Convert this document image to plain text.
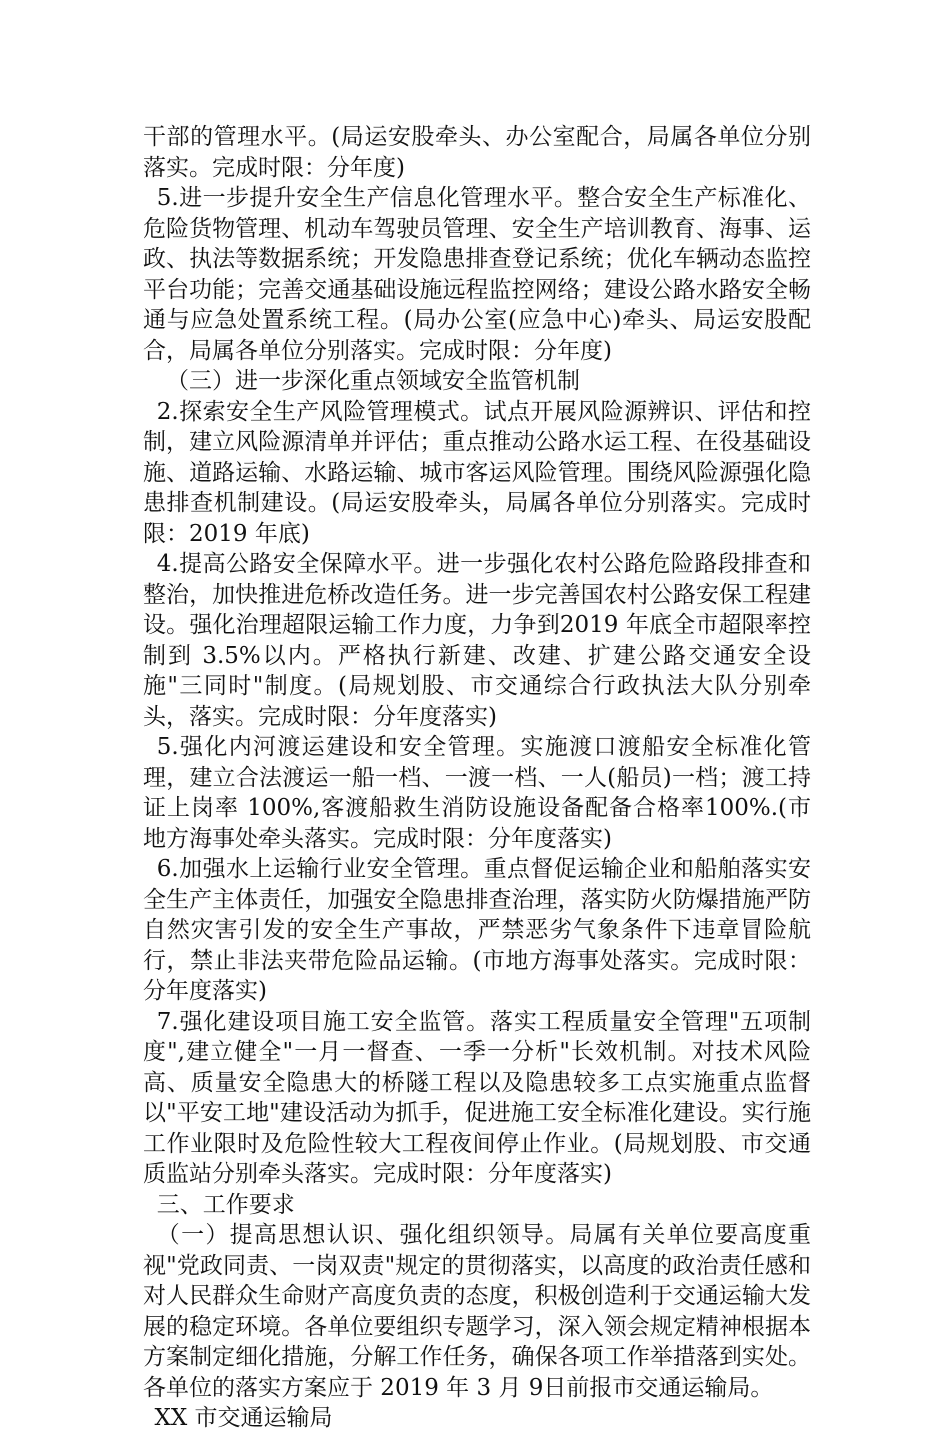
干部的管理水平。(局运安股牵头、办公室配合，局属各单位分别落实。完成时限：分年度)

5.进一步提升安全生产信息化管理水平。整合安全生产标准化、危险货物管理、机动车驾驶员管理、安全生产培训教育、海事、运政、执法等数据系统；开发隐患排查登记系统；优化车辆动态监控平台功能；完善交通基础设施远程监控网络；建设公路水路安全畅通与应急处置系统工程。(局办公室(应急中心)牵头、局运安股配合，局属各单位分别落实。完成时限：分年度)

（三）进一步深化重点领域安全监管机制

2.探索安全生产风险管理模式。试点开展风险源辨识、评估和控制，建立风险源清单并评估；重点推动公路水运工程、在役基础设施、道路运输、水路运输、城市客运风险管理。围绕风险源强化隐患排查机制建设。(局运安股牵头，局属各单位分别落实。完成时限：2019 年底)

4.提高公路安全保障水平。进一步强化农村公路危险路段排查和整治，加快推进危桥改造任务。进一步完善国农村公路安保工程建设。强化治理超限运输工作力度，力争到2019 年底全市超限率控制到 3.5%以内。严格执行新建、改建、扩建公路交通安全设施"三同时"制度。(局规划股、市交通综合行政执法大队分别牵头，落实。完成时限：分年度落实)

5.强化内河渡运建设和安全管理。实施渡口渡船安全标准化管理，建立合法渡运一船一档、一渡一档、一人(船员)一档；渡工持证上岗率 100%,客渡船救生消防设施设备配备合格率100%.(市地方海事处牵头落实。完成时限：分年度落实)

6.加强水上运输行业安全管理。重点督促运输企业和船舶落实安全生产主体责任，加强安全隐患排查治理，落实防火防爆措施严防自然灾害引发的安全生产事故，严禁恶劣气象条件下违章冒险航行，禁止非法夹带危险品运输。(市地方海事处落实。完成时限：分年度落实)

7.强化建设项目施工安全监管。落实工程质量安全管理"五项制度",建立健全"一月一督查、一季一分析"长效机制。对技术风险高、质量安全隐患大的桥隧工程以及隐患较多工点实施重点监督以"平安工地"建设活动为抓手，促进施工安全标准化建设。实行施工作业限时及危险性较大工程夜间停止作业。(局规划股、市交通质监站分别牵头落实。完成时限：分年度落实)

三、工作要求

（一）提高思想认识、强化组织领导。局属有关单位要高度重视"党政同责、一岗双责"规定的贯彻落实，以高度的政治责任感和对人民群众生命财产高度负责的态度，积极创造利于交通运输大发展的稳定环境。各单位要组织专题学习，深入领会规定精神根据本方案制定细化措施，分解工作任务，确保各项工作举措落到实处。各单位的落实方案应于 2019 年 3 月 9日前报市交通运输局。

XX 市交通运输局
